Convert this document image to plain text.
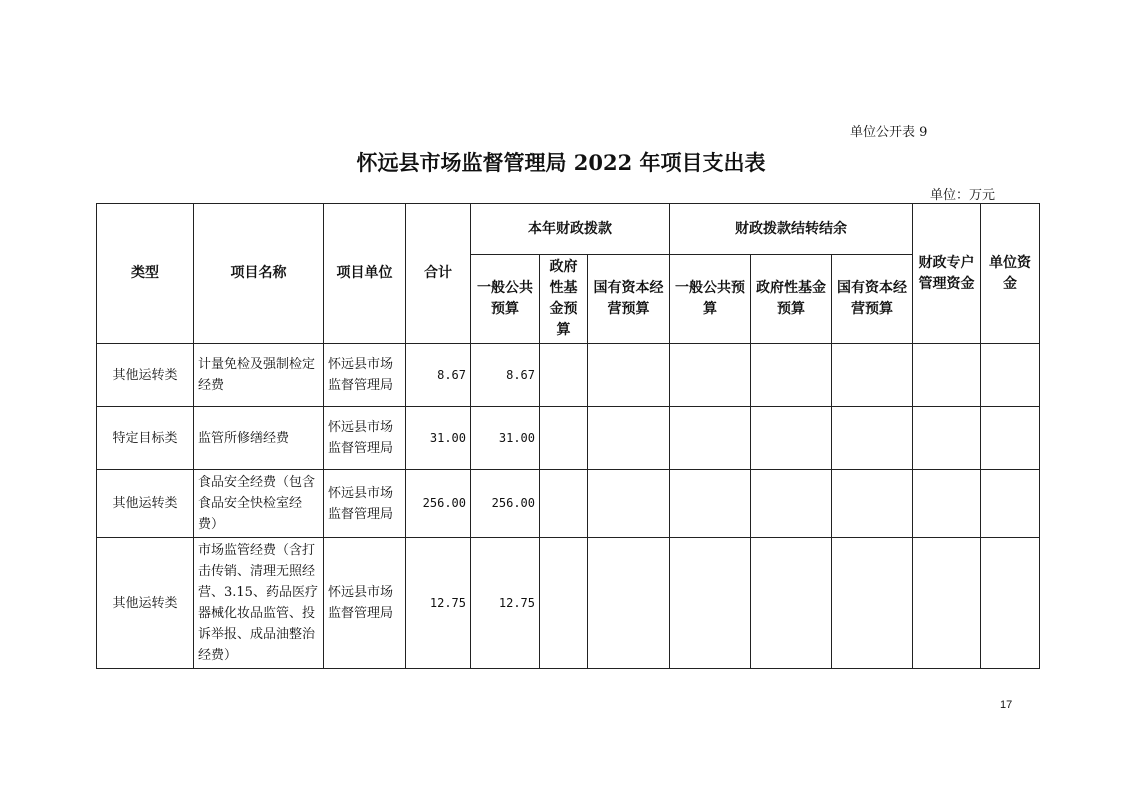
单位公开表 9
怀远县市场监督管理局 2022 年项目支出表
单位：万元
类型	项目名称	项目单位	合计	本年财政拨款			财政拨款结转结余			财政专户管理资金	单位资金
				一般公共预算	政府性基金预算	国有资本经营预算	一般公共预算	政府性基金预算	国有资本经营预算		
其他运转类	计量免检及强制检定经费	怀远县市场监督管理局	8.67	8.67							
特定目标类	监管所修缮经费	怀远县市场监督管理局	31.00	31.00							
其他运转类	食品安全经费（包含食品安全快检室经费）	怀远县市场监督管理局	256.00	256.00							
其他运转类	市场监管经费（含打击传销、清理无照经营、3.15、药品医疗器械化妆品监管、投诉举报、成品油整治经费）	怀远县市场监督管理局	12.75	12.75							
17
